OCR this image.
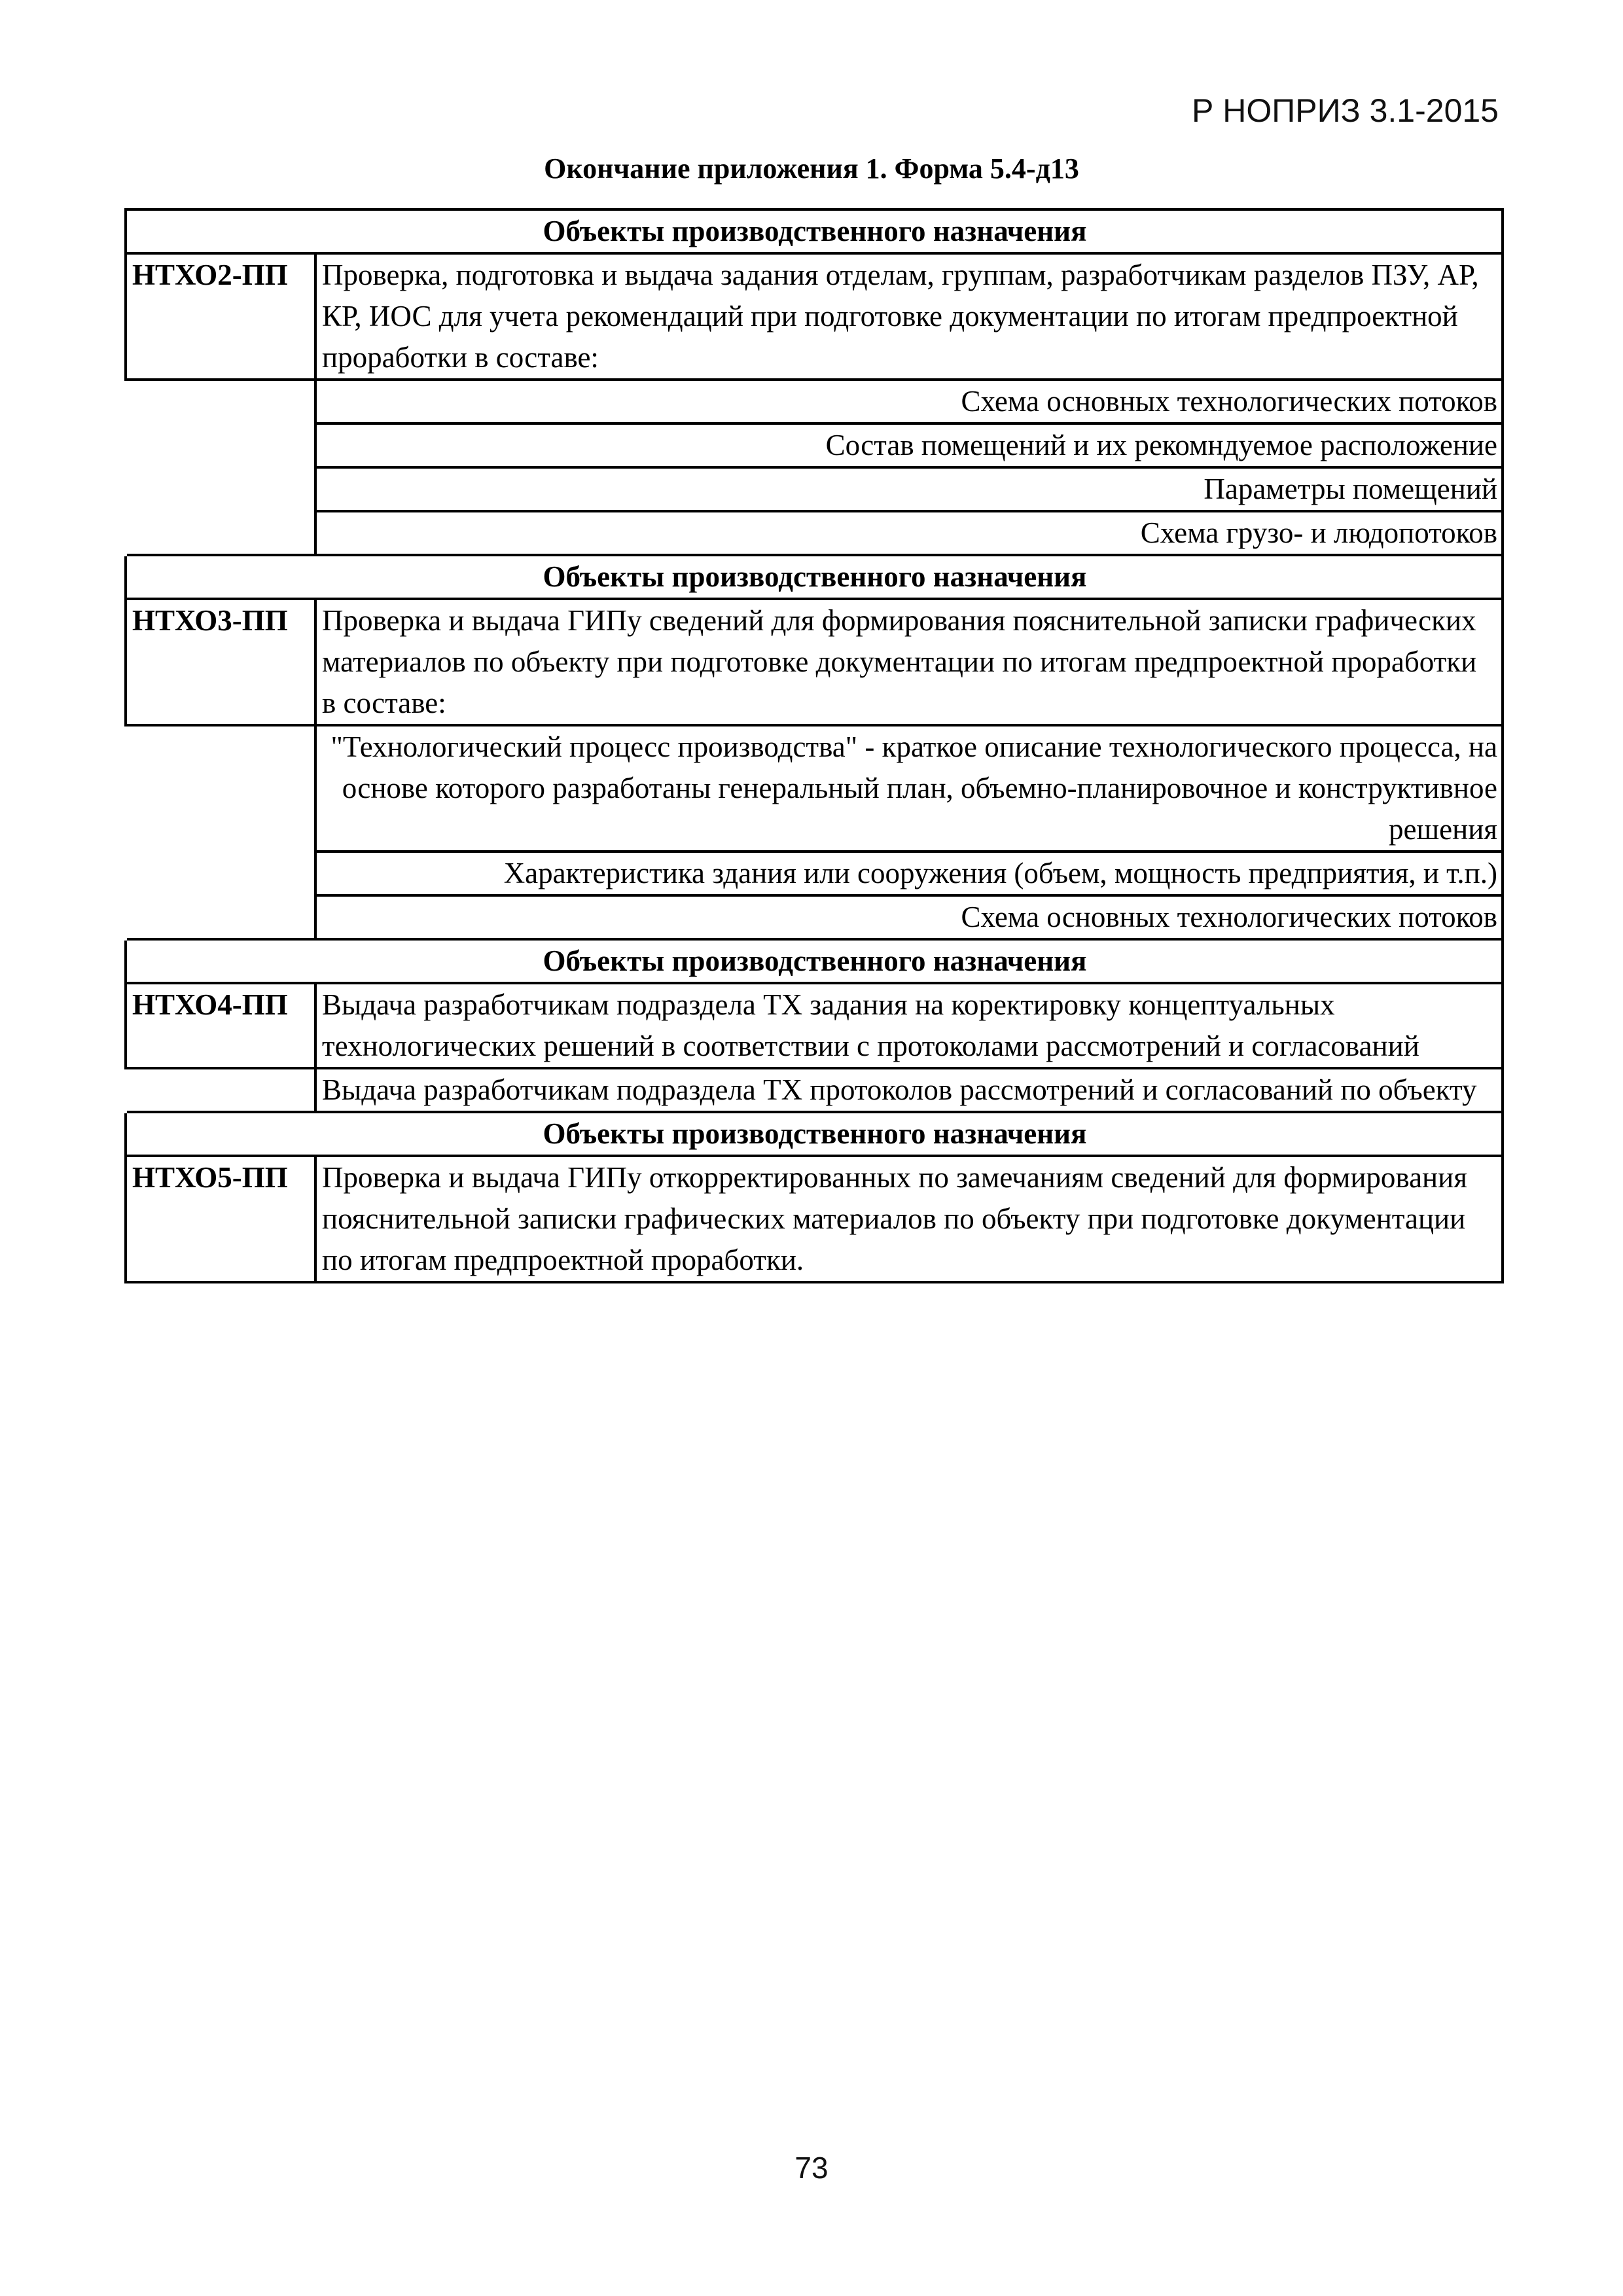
Р НОПРИЗ 3.1-2015
Окончание приложения 1. Форма 5.4-д13
Объекты производственного назначения	
НТХО2-ПП	Проверка, подготовка и выдача задания отделам, группам, разработчикам разделов ПЗУ, АР, КР, ИОС для учета рекомендаций при подготовке документации по итогам предпроектной проработки в составе:
	Схема основных технологических потоков
	Состав помещений и их рекомндуемое расположение
	Параметры помещений
	Схема грузо- и людопотоков
Объекты производственного назначения	
НТХО3-ПП	Проверка и выдача ГИПу сведений для формирования пояснительной записки графических материалов по объекту при подготовке документации по итогам предпроектной проработки в составе:
	"Технологический процесс производства" - краткое описание технологического процесса, на основе которого разработаны генеральный план, объемно-планировочное и конструктивное решения
	Характеристика здания или сооружения (объем, мощность предприятия, и т.п.)
	Схема основных технологических потоков
Объекты производственного назначения	
НТХО4-ПП	Выдача разработчикам подраздела ТХ задания на коректировку концептуальных технологических решений в соответствии с протоколами рассмотрений и согласований
	Выдача разработчикам подраздела ТХ протоколов рассмотрений и согласований по объекту
Объекты производственного назначения	
НТХО5-ПП	Проверка и выдача ГИПу откорректированных по замечаниям сведений для формирования пояснительной записки графических материалов по объекту при подготовке документации по итогам предпроектной проработки.
73
